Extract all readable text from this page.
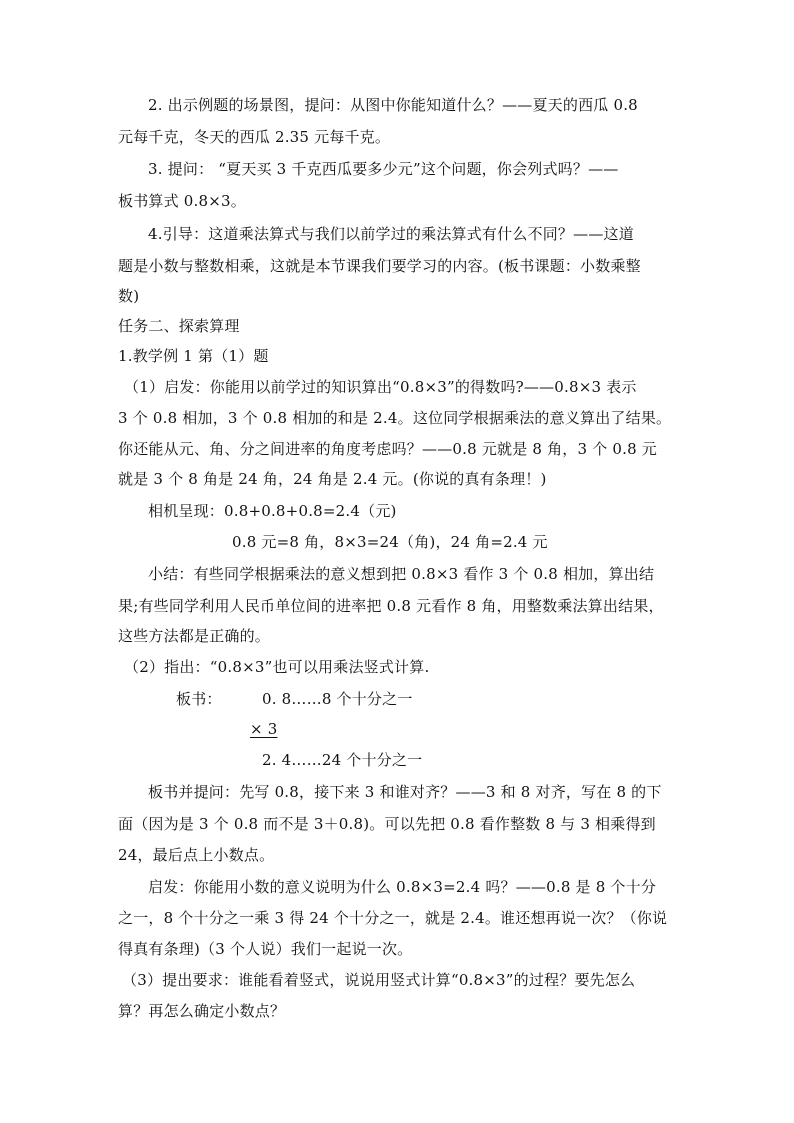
2. 出示例题的场景图，提问：从图中你能知道什么？——夏天的西瓜 0.8
元每千克，冬天的西瓜 2.35 元每千克。
3. 提问： “夏天买 3 千克西瓜要多少元”这个问题，你会列式吗？——
板书算式 0.8×3。
4.引导：这道乘法算式与我们以前学过的乘法算式有什么不同？——这道
题是小数与整数相乘，这就是本节课我们要学习的内容。(板书课题：小数乘整
数)
任务二、探索算理
1.教学例 1 第（1）题
（1）启发：你能用以前学过的知识算出“0.8×3”的得数吗?——0.8×3 表示
3 个 0.8 相加，3 个 0.8 相加的和是 2.4。这位同学根据乘法的意义算出了结果。
你还能从元、角、分之间进率的角度考虑吗？——0.8 元就是 8 角，3 个 0.8 元
就是 3 个 8 角是 24 角，24 角是 2.4 元。(你说的真有条理！)
相机呈现：0.8+0.8+0.8=2.4（元)
0.8 元=8 角，8×3=24（角)，24 角=2.4 元
小结：有些同学根据乘法的意义想到把 0.8×3 看作 3 个 0.8 相加，算出结
果;有些同学利用人民币单位间的进率把 0.8 元看作 8 角，用整数乘法算出结果，
这些方法都是正确的。
（2）指出：“0.8×3”也可以用乘法竖式计算.
板书：	0. 8……8 个十分之一
× 3
2. 4……24 个十分之一
板书并提问：先写 0.8，接下来 3 和谁对齐？——3 和 8 对齐，写在 8 的下
面（因为是 3 个 0.8 而不是 3＋0.8)。可以先把 0.8 看作整数 8 与 3 相乘得到
24，最后点上小数点。
启发：你能用小数的意义说明为什么 0.8×3=2.4 吗？——0.8 是 8 个十分
之一，8 个十分之一乘 3 得 24 个十分之一，就是 2.4。谁还想再说一次？（你说
得真有条理)（3 个人说）我们一起说一次。
（3）提出要求：谁能看着竖式，说说用竖式计算“0.8×3”的过程？要先怎么
算？再怎么确定小数点？
